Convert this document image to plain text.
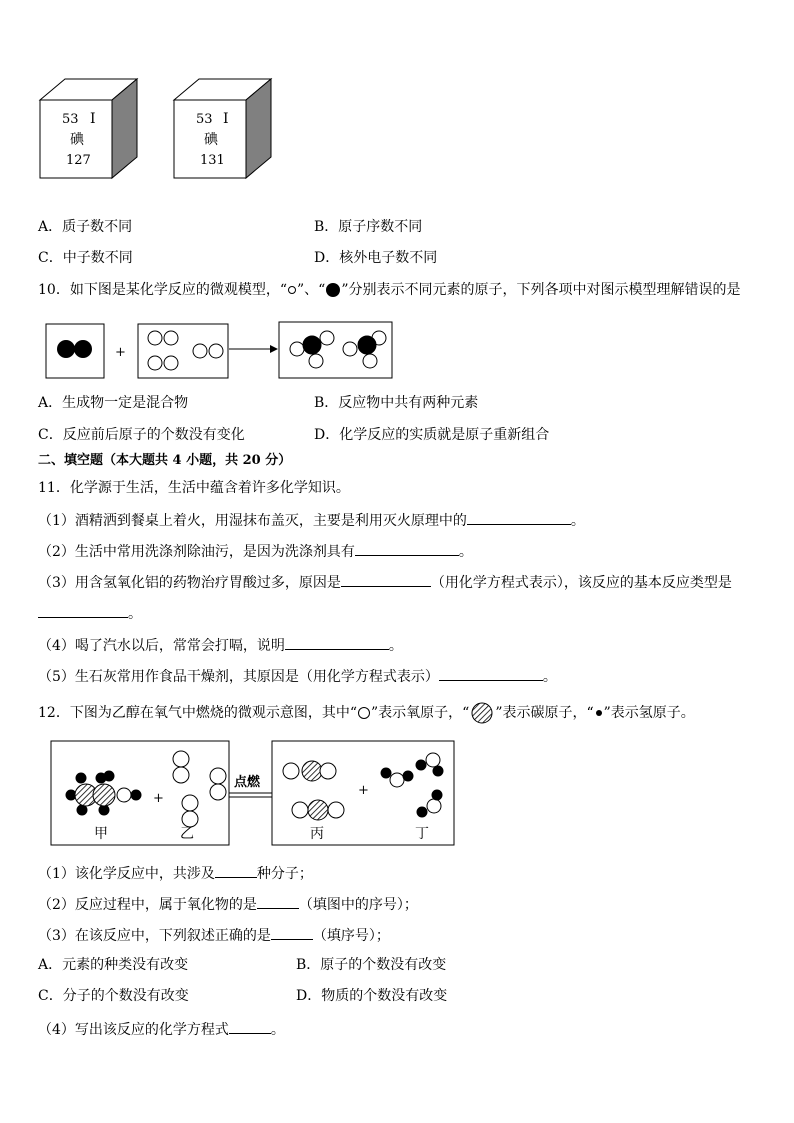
53 I
碘
127
53 I
碘
131
A．质子数不同	B．原子序数不同
C．中子数不同	D．核外电子数不同
10．如下图是某化学反应的微观模型，“ ”、“ ”分别表示不同元素的原子，下列各项中对图示模型理解错误的是
+
A．生成物一定是混合物	B．反应物中共有两种元素
C．反应前后原子的个数没有变化	D．化学反应的实质就是原子重新组合
二、填空题（本大题共 4 小题，共 20 分）
11．化学源于生活，生活中蕴含着许多化学知识。
（1）酒精洒到餐桌上着火，用湿抹布盖灭，主要是利用灭火原理中的	。
（2）生活中常用洗涤剂除油污，是因为洗涤剂具有	。
（3）用含氢氧化铝的药物治疗胃酸过多，原因是	（用化学方程式表示），该反应的基本反应类型是
。
（4）喝了汽水以后，常常会打嗝，说明	。
（5）生石灰常用作食品干燥剂，其原因是（用化学方程式表示）	。
12．下图为乙醇在氧气中燃烧的微观示意图，其中“ ”表示氧原子，“ ”表示碳原子，“ ”表示氢原子。
+
甲	乙
点燃
+
丙	丁
（1）该化学反应中，共涉及	种分子；
（2）反应过程中，属于氧化物的是	（填图中的序号）；
（3）在该反应中，下列叙述正确的是	（填序号）；
A．元素的种类没有改变	B．原子的个数没有改变
C．分子的个数没有改变	D．物质的个数没有改变
（4）写出该反应的化学方程式	。
